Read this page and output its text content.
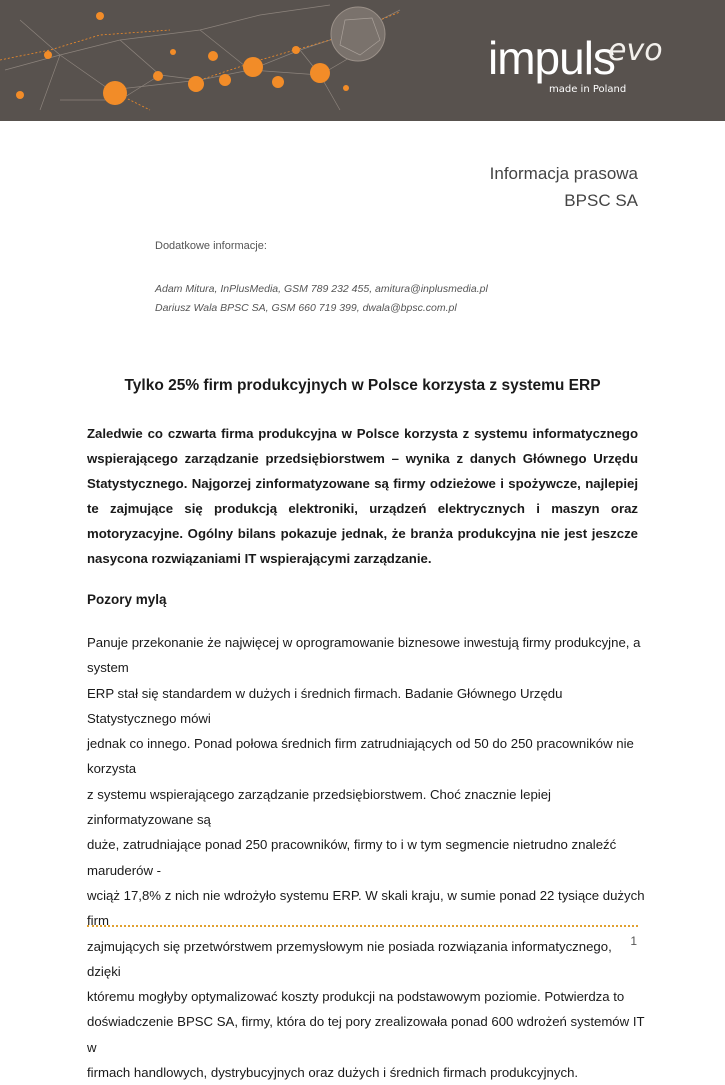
impuls
evo
made in Poland
Informacja prasowa
BPSC SA
Dodatkowe informacje:
Adam Mitura, InPlusMedia, GSM 789 232 455, amitura@inplusmedia.pl
Dariusz Wala BPSC SA, GSM 660 719 399, dwala@bpsc.com.pl
Tylko 25% firm produkcyjnych w Polsce korzysta z systemu ERP
Zaledwie co czwarta firma produkcyjna w Polsce korzysta z systemu informatycznego wspierającego zarządzanie przedsiębiorstwem – wynika z danych Głównego Urzędu Statystycznego. Najgorzej zinformatyzowane są firmy odzieżowe i spożywcze, najlepiej te zajmujące się produkcją elektroniki, urządzeń elektrycznych i maszyn oraz motoryzacyjne. Ogólny bilans pokazuje jednak, że branża produkcyjna nie jest jeszcze nasycona rozwiązaniami IT wspierającymi zarządzanie.
Pozory mylą
Panuje przekonanie że najwięcej w oprogramowanie biznesowe inwestują firmy produkcyjne, a system
ERP stał się standardem w dużych i średnich firmach. Badanie Głównego Urzędu Statystycznego mówi
jednak co innego. Ponad połowa średnich firm zatrudniających od 50 do 250 pracowników nie korzysta
z systemu wspierającego zarządzanie przedsiębiorstwem. Choć znacznie lepiej zinformatyzowane są
duże, zatrudniające ponad 250 pracowników, firmy to i w tym segmencie nietrudno znaleźć maruderów -
wciąż 17,8% z nich nie wdrożyło systemu ERP. W skali kraju, w sumie ponad 22 tysiące dużych firm
zajmujących się przetwórstwem przemysłowym nie posiada rozwiązania informatycznego, dzięki
któremu mogłyby optymalizować koszty produkcji na podstawowym poziomie. Potwierdza to
doświadczenie BPSC SA, firmy, która do tej pory zrealizowała ponad 600 wdrożeń systemów IT w
firmach handlowych, dystrybucyjnych oraz dużych i średnich firmach produkcyjnych.
1
